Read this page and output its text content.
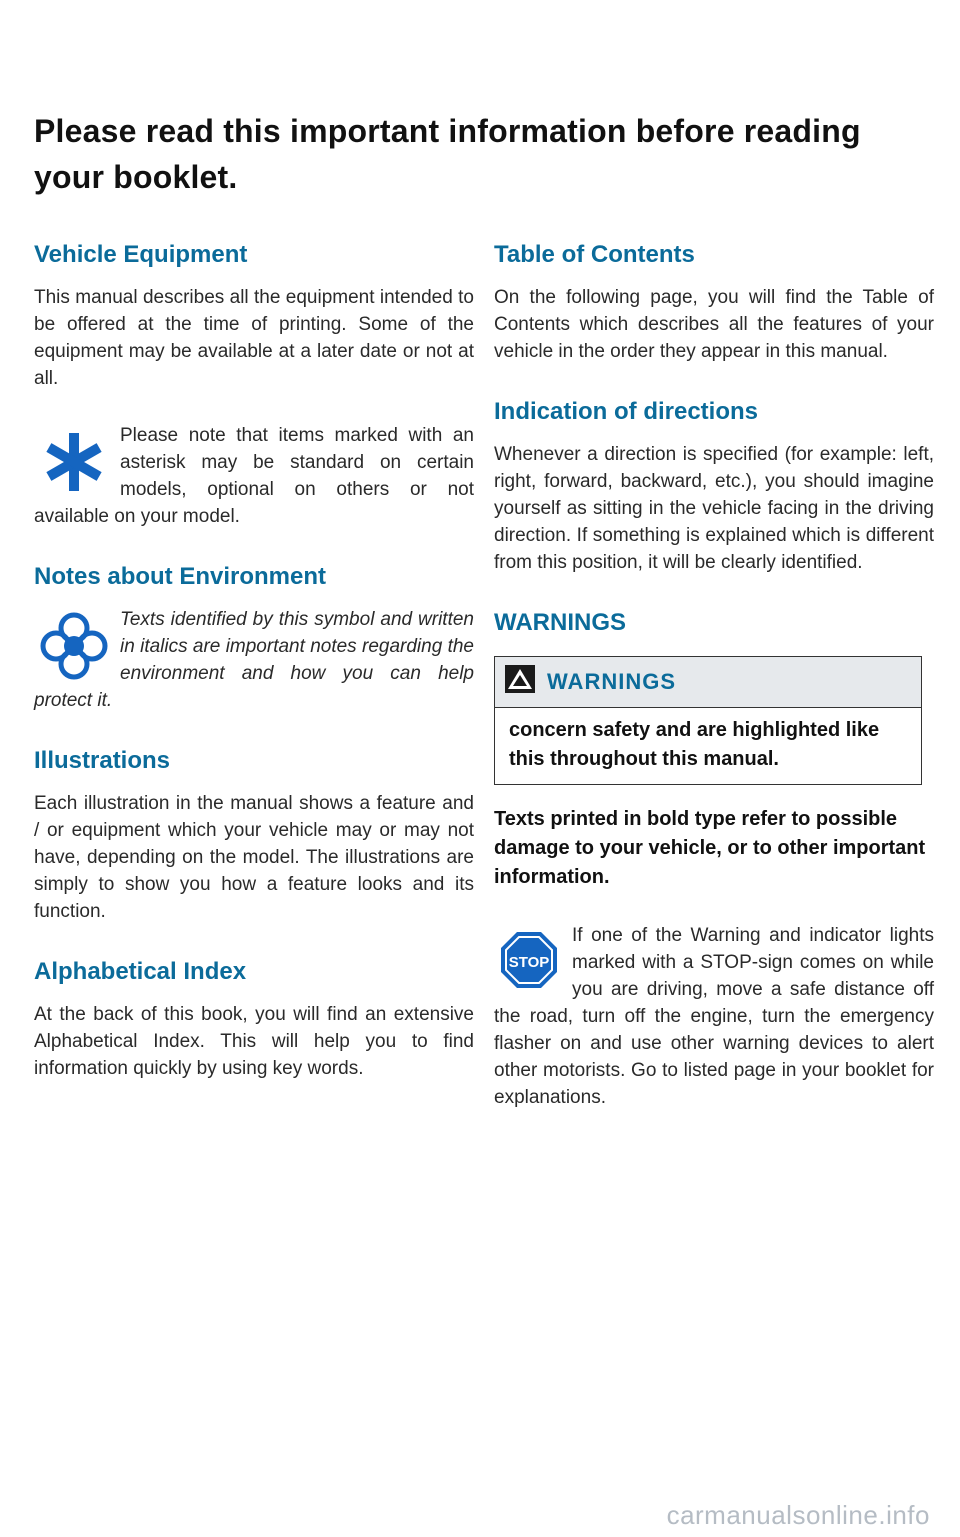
Please read this important information before reading your booklet.
Vehicle Equipment

This manual describes all the equipment intended to be offered at the time of printing. Some of the equipment may be available at a later date or not at all.

Please note that items marked with an asterisk may be standard on certain models, optional on others or not available on your model.

Notes about Environment

Texts identified by this symbol and written in italics are important notes regarding the environment and how you can help protect it.

Illustrations

Each illustration in the manual shows a feature and / or equipment which your vehicle may or may not have, depending on the model. The illustrations are simply to show you how a feature looks and its function.

Alphabetical Index

At the back of this book, you will find an extensive Alphabetical Index. This will help you to find information quickly by using key words.

Table of Contents

On the following page, you will find the Table of Contents which describes all the features of your vehicle in the order they appear in this manual.

Indication of directions

Whenever a direction is specified (for example: left, right, forward, backward, etc.), you should imagine yourself as sitting in the vehicle facing in the driving direction. If something is explained which is different from this position, it will be clearly identified.

WARNINGS
WARNINGS
concern safety and are highlighted like this throughout this manual.
Texts printed in bold type refer to possible damage to your vehicle, or to other important information.
STOP

If one of the Warning and indicator lights marked with a STOP-sign comes on while you are driving, move a safe distance off the road, turn off the engine, turn the emergency flasher on and use other warning devices to alert other motorists. Go to listed page in your booklet for explanations.

carmanualsonline.info
